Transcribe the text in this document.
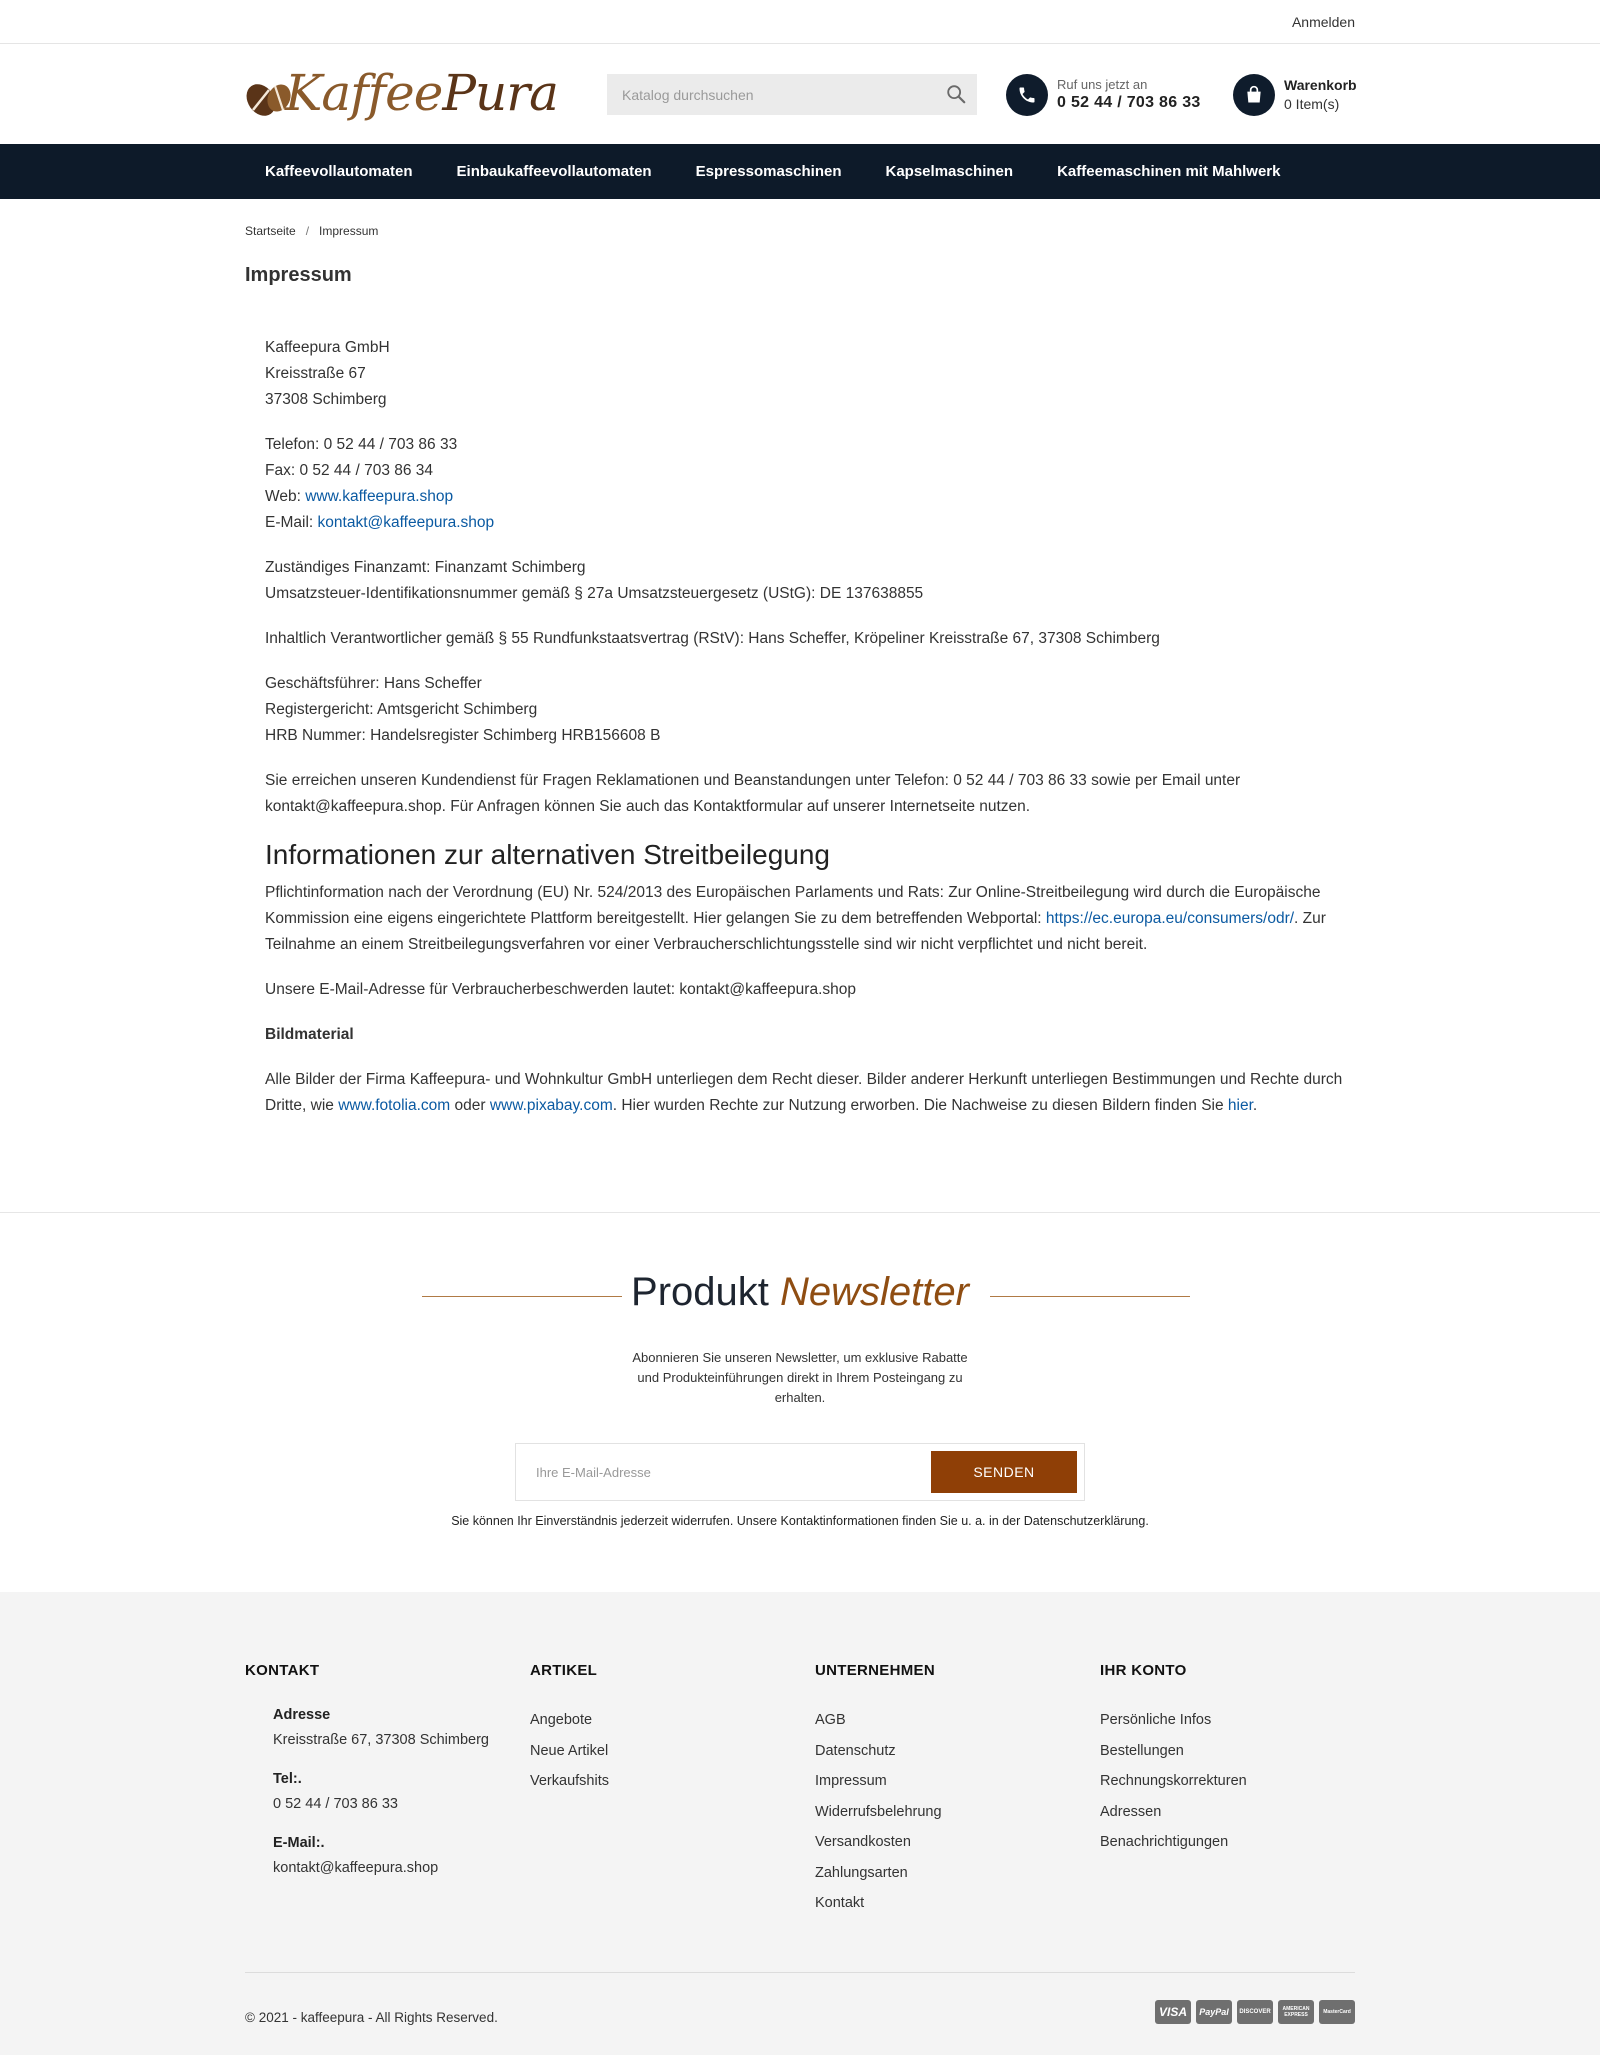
Anmelden
KaffeePura
Katalog durchsuchen	Ruf uns jetzt an
0 52 44 / 703 86 33
Warenkorb
0 Item(s)
Kaffeevollautomaten	Einbaukaffeevollautomaten	Espressomaschinen	Kapselmaschinen	Kaffeemaschinen mit Mahlwerk
Startseite / Impressum
Impressum

Kaffeepura GmbH
Kreisstraße 67
37308 Schimberg

Telefon: 0 52 44 / 703 86 33
Fax: 0 52 44 / 703 86 34
Web: www.kaffeepura.shop
E-Mail: kontakt@kaffeepura.shop

Zuständiges Finanzamt: Finanzamt Schimberg
Umsatzsteuer-Identifikationsnummer gemäß § 27a Umsatzsteuergesetz (UStG): DE 137638855

Inhaltlich Verantwortlicher gemäß § 55 Rundfunkstaatsvertrag (RStV): Hans Scheffer, Kröpeliner Kreisstraße 67, 37308 Schimberg

Geschäftsführer: Hans Scheffer
Registergericht: Amtsgericht Schimberg
HRB Nummer: Handelsregister Schimberg HRB156608 B

Sie erreichen unseren Kundendienst für Fragen Reklamationen und Beanstandungen unter Telefon: 0 52 44 / 703 86 33 sowie per Email unter kontakt@kaffeepura.shop. Für Anfragen können Sie auch das Kontaktformular auf unserer Internetseite nutzen.

Informationen zur alternativen Streitbeilegung

Pflichtinformation nach der Verordnung (EU) Nr. 524/2013 des Europäischen Parlaments und Rats: Zur Online-Streitbeilegung wird durch die Europäische Kommission eine eigens eingerichtete Plattform bereitgestellt. Hier gelangen Sie zu dem betreffenden Webportal: https://ec.europa.eu/consumers/odr/. Zur Teilnahme an einem Streitbeilegungsverfahren vor einer Verbraucherschlichtungsstelle sind wir nicht verpflichtet und nicht bereit.

Unsere E-Mail-Adresse für Verbraucherbeschwerden lautet: kontakt@kaffeepura.shop

Bildmaterial

Alle Bilder der Firma Kaffeepura- und Wohnkultur GmbH unterliegen dem Recht dieser. Bilder anderer Herkunft unterliegen Bestimmungen und Rechte durch Dritte, wie www.fotolia.com oder www.pixabay.com. Hier wurden Rechte zur Nutzung erworben. Die Nachweise zu diesen Bildern finden Sie hier.

Produkt Newsletter
Abonnieren Sie unseren Newsletter, um exklusive Rabatte und Produkteinführungen direkt in Ihrem Posteingang zu erhalten.
Ihre E-Mail-Adresse
SENDEN
Sie können Ihr Einverständnis jederzeit widerrufen. Unsere Kontaktinformationen finden Sie u. a. in der Datenschutzerklärung.
KONTAKT
Adresse
Kreisstraße 67, 37308 Schimberg
Tel:.
0 52 44 / 703 86 33
E-Mail:.
kontakt@kaffeepura.shop
ARTIKEL
Angebote
Neue Artikel
Verkaufshits
UNTERNEHMEN
AGB
Datenschutz
Impressum
Widerrufsbelehrung
Versandkosten
Zahlungsarten
Kontakt
IHR KONTO
Persönliche Infos
Bestellungen
Rechnungskorrekturen
Adressen
Benachrichtigungen
© 2021 - kaffeepura - All Rights Reserved.	VISA	PayPal	DISCOVER	AMERICAN EXPRESS	MasterCard
